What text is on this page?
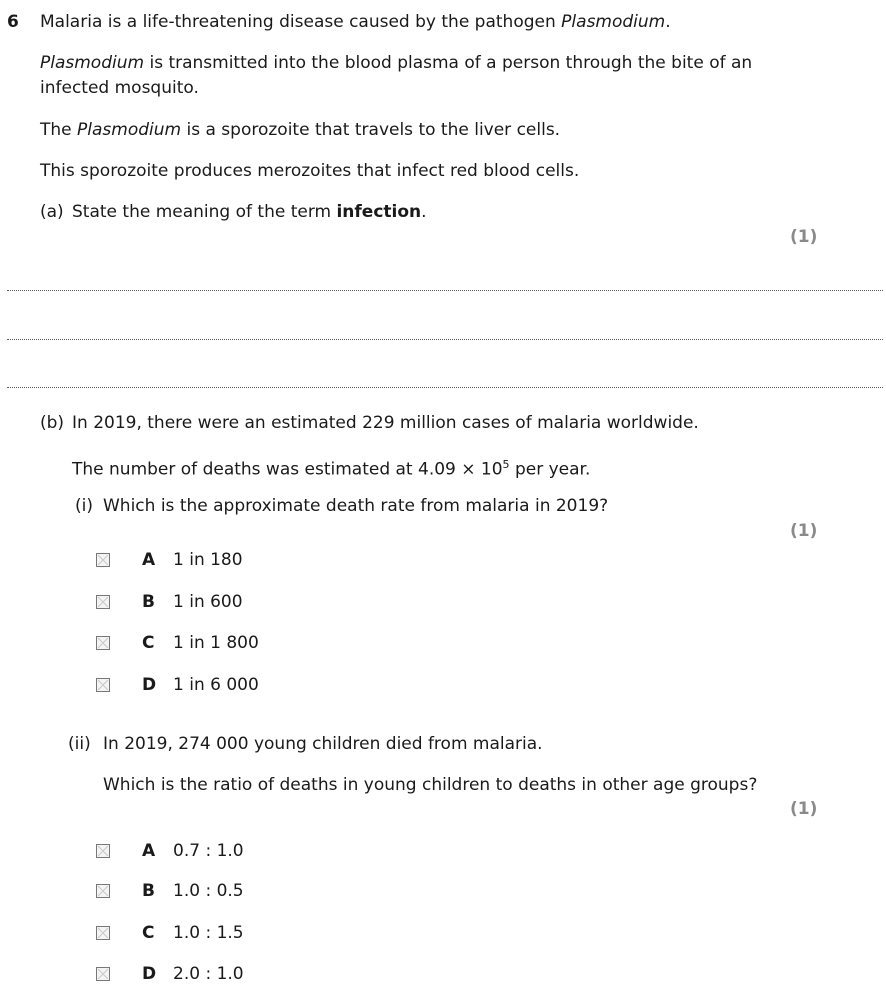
6 Malaria is a life-threatening disease caused by the pathogen Plasmodium.
Plasmodium is transmitted into the blood plasma of a person through the bite of an
infected mosquito.
The Plasmodium is a sporozoite that travels to the liver cells.
This sporozoite produces merozoites that infect red blood cells.
(a) State the meaning of the term infection.
(1)
(b) In 2019, there were an estimated 229 million cases of malaria worldwide.
The number of deaths was estimated at $4.09 \times 10^5$ per year.
(i) Which is the approximate death rate from malaria in 2019?
(1)
A 1 in 180
B 1 in 600
C 1 in 1 800
D 1 in 6 000
(ii) In 2019, 274 000 young children died from malaria.
Which is the ratio of deaths in young children to deaths in other age groups?
(1)
A 0.7 : 1.0
B 1.0 : 0.5
C 1.0 : 1.5
D 2.0 : 1.0
